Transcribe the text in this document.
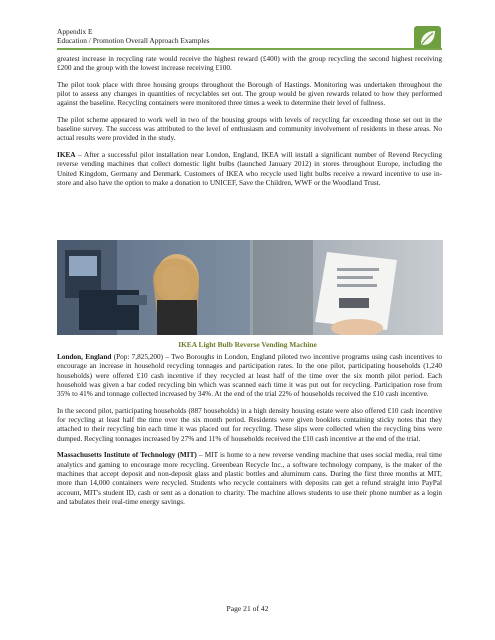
Appendix E
Education / Promotion Overall Approach Examples

greatest increase in recycling rate would receive the highest reward (£400) with the group recycling the second highest receiving £200 and the group with the lowest increase receiving £100.

The pilot took place with three housing groups throughout the Borough of Hastings. Monitoring was undertaken throughout the pilot to assess any changes in quantities of recyclables set out. The group would be given rewards related to how they performed against the baseline. Recycling containers were monitored three times a week to determine their level of fullness.

The pilot scheme appeared to work well in two of the housing groups with levels of recycling far exceeding those set out in the baseline survey. The success was attributed to the level of enthusiasm and community involvement of residents in these areas. No actual results were provided in the study.

IKEA – After a successful pilot installation near London, England, IKEA will install a significant number of Revend Recycling reverse vending machines that collect domestic light bulbs (launched January 2012) in stores throughout Europe, including the United Kingdom, Germany and Denmark. Customers of IKEA who recycle used light bulbs receive a reward incentive to use in-store and also have the option to make a donation to UNICEF, Save the Children, WWF or the Woodland Trust.

IKEA Light Bulb Reverse Vending Machine

London, England (Pop: 7,825,200) – Two Boroughs in London, England piloted two incentive programs using cash incentives to encourage an increase in household recycling tonnages and participation rates. In the one pilot, participating households (1,240 households) were offered £10 cash incentive if they recycled at least half of the time over the six month pilot period. Each household was given a bar coded recycling bin which was scanned each time it was put out for recycling. Participation rose from 35% to 41% and tonnage collected increased by 34%. At the end of the trial 22% of households received the £10 cash incentive.

In the second pilot, participating households (887 households) in a high density housing estate were also offered £10 cash incentive for recycling at least half the time over the six month period. Residents were given booklets containing sticky notes that they attached to their recycling bin each time it was placed out for recycling. These slips were collected when the recycling bins were dumped. Recycling tonnages increased by 27% and 11% of households received the £10 cash incentive at the end of the trial.

Massachusetts Institute of Technology (MIT) – MIT is home to a new reverse vending machine that uses social media, real time analytics and gaming to encourage more recycling. Greenbean Recycle Inc., a software technology company, is the maker of the machines that accept deposit and non-deposit glass and plastic bottles and aluminum cans. During the first three months at MIT, more than 14,000 containers were recycled. Students who recycle containers with deposits can get a refund straight into PayPal account, MIT's student ID, cash or sent as a donation to charity. The machine allows students to use their phone number as a login and tabulates their real-time energy savings.

Page 21 of 42
